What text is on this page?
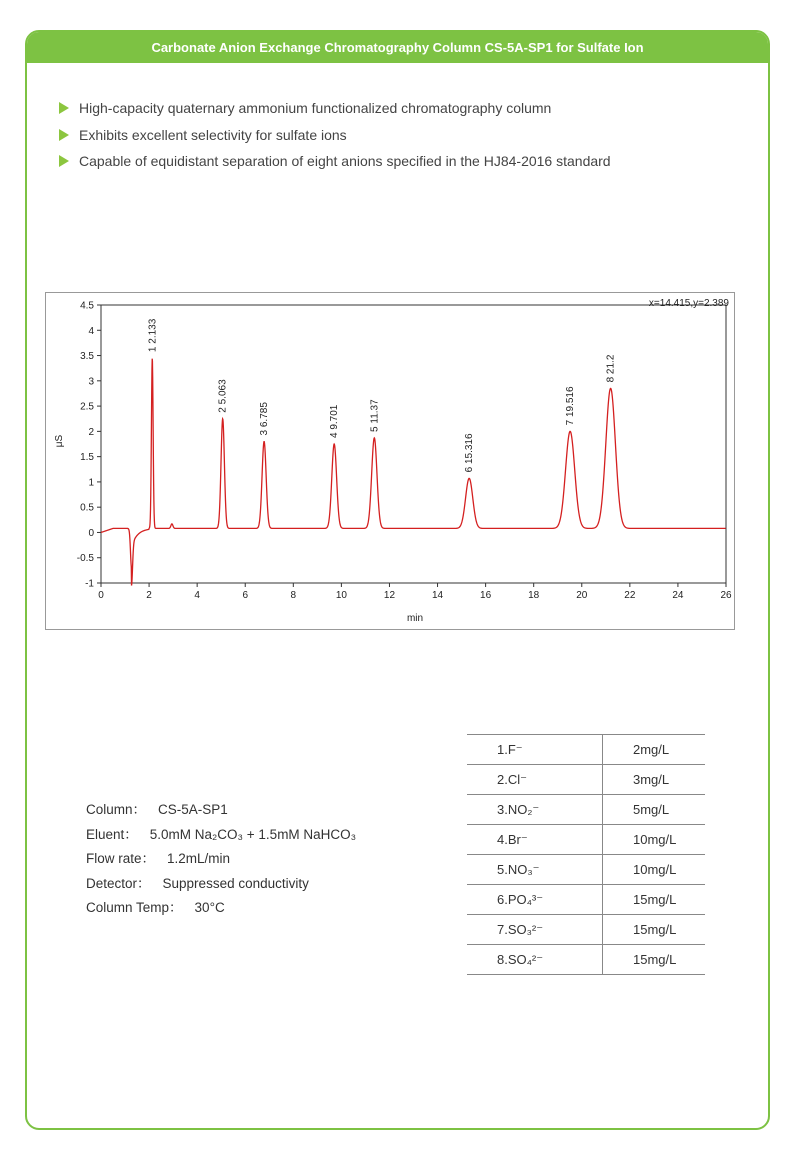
Carbonate Anion Exchange Chromatography Column CS-5A-SP1 for Sulfate Ion
High-capacity quaternary ammonium functionalized chromatography column
Exhibits excellent selectivity for sulfate ions
Capable of equidistant separation of eight anions specified in the HJ84-2016 standard
4.5
4
3.5
3
2.5
2
1.5
1
0.5
0
-0.5
-1
0	2	4	6	8	10	12	14	16	18	20	22	24	26
1 2.133
2 5.063
3 6.785	4 9.701	5 11.37
6 15.316
7 19.516
8 21.2
x=14.415,y=2.389
μS
min
Column： CS-5A-SP1
Eluent： 5.0mM Na₂CO₃ + 1.5mM NaHCO₃
Flow rate： 1.2mL/min
Detector： Suppressed conductivity
Column Temp： 30°C
1.F⁻	2mg/L
2.Cl⁻	3mg/L
3.NO₂⁻	5mg/L
4.Br⁻	10mg/L
5.NO₃⁻	10mg/L
6.PO₄³⁻	15mg/L
7.SO₃²⁻	15mg/L
8.SO₄²⁻	15mg/L
